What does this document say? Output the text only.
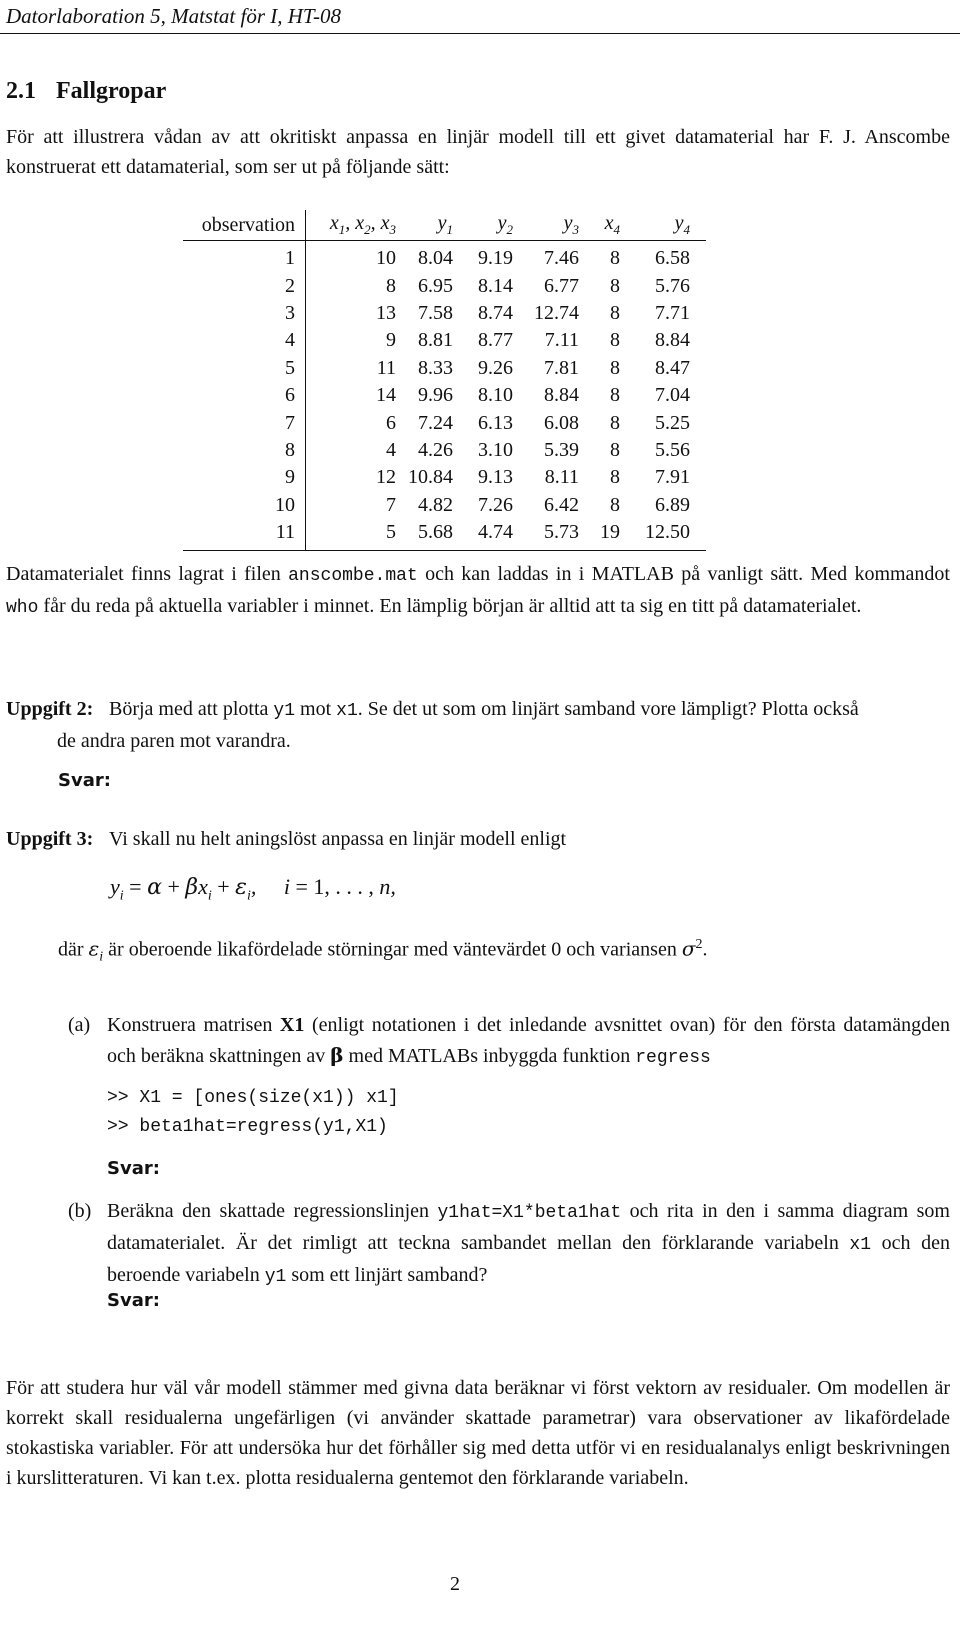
Datorlaboration 5, Matstat för I, HT-08
2.1 Fallgropar
För att illustrera vådan av att okritiskt anpassa en linjär modell till ett givet datamaterial har F. J. Anscombe konstruerat ett datamaterial, som ser ut på följande sätt:
observation	$x_1$, $x_2$, $x_3$	$y_1$	$y_2$	$y_3$	$x_4$	$y_4$
1	10	8.04	9.19	7.46	8	6.58
2	8	6.95	8.14	6.77	8	5.76
3	13	7.58	8.74	12.74	8	7.71
4	9	8.81	8.77	7.11	8	8.84
5	11	8.33	9.26	7.81	8	8.47
6	14	9.96	8.10	8.84	8	7.04
7	6	7.24	6.13	6.08	8	5.25
8	4	4.26	3.10	5.39	8	5.56
9	12	10.84	9.13	8.11	8	7.91
10	7	4.82	7.26	6.42	8	6.89
11	5	5.68	4.74	5.73	19	12.50
Datamaterialet finns lagrat i filen anscombe.mat och kan laddas in i MATLAB på vanligt sätt. Med kommandot who får du reda på aktuella variabler i minnet. En lämplig början är alltid att ta sig en titt på datamaterialet.
Uppgift 2: Börja med att plotta y1 mot x1. Se det ut som om linjärt samband vore lämpligt? Plotta också
de andra paren mot varandra.
Svar:
Uppgift 3: Vi skall nu helt aningslöst anpassa en linjär modell enligt
$y_i = \alpha + \beta x_i + \varepsilon_i$,     i = 1, . . . , n,
där $\varepsilon_i$ är oberoende likafördelade störningar med väntevärdet 0 och variansen $\sigma^2$.
(a) Konstruera matrisen X1 (enligt notationen i det inledande avsnittet ovan) för den första datamängden och beräkna skattningen av β med MATLABs inbyggda funktion regress
>> X1 = [ones(size(x1)) x1]
>> beta1hat=regress(y1,X1)
Svar:
(b) Beräkna den skattade regressionslinjen y1hat=X1*beta1hat och rita in den i samma diagram som datamaterialet. Är det rimligt att teckna sambandet mellan den förklarande variabeln x1 och den beroende variabeln y1 som ett linjärt samband?
Svar:
För att studera hur väl vår modell stämmer med givna data beräknar vi först vektorn av residualer. Om modellen är korrekt skall residualerna ungefärligen (vi använder skattade parametrar) vara observationer av likafördelade stokastiska variabler. För att undersöka hur det förhåller sig med detta utför vi en residualanalys enligt beskrivningen i kurslitteraturen. Vi kan t.ex. plotta residualerna gentemot den förklarande variabeln.
2
